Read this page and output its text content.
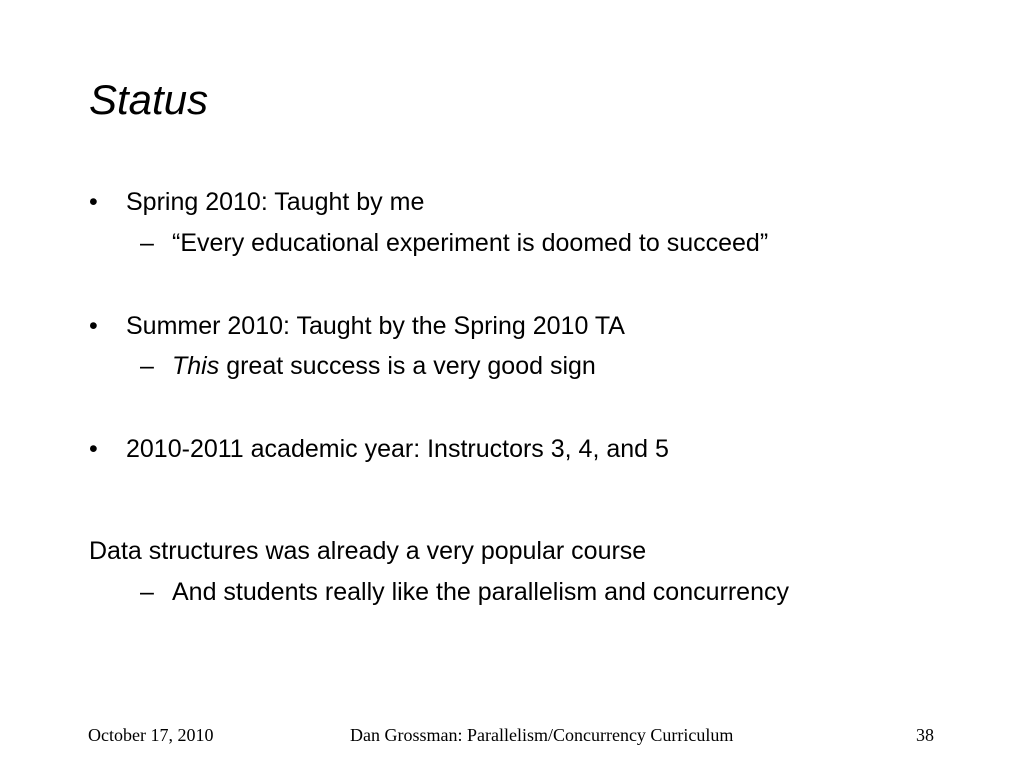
Status
• Spring 2010: Taught by me
– “Every educational experiment is doomed to succeed”
• Summer 2010: Taught by the Spring 2010 TA
– This great success is a very good sign
• 2010-2011 academic year: Instructors 3, 4, and 5
Data structures was already a very popular course
– And students really like the parallelism and concurrency
October 17, 2010	Dan Grossman: Parallelism/Concurrency Curriculum	38
